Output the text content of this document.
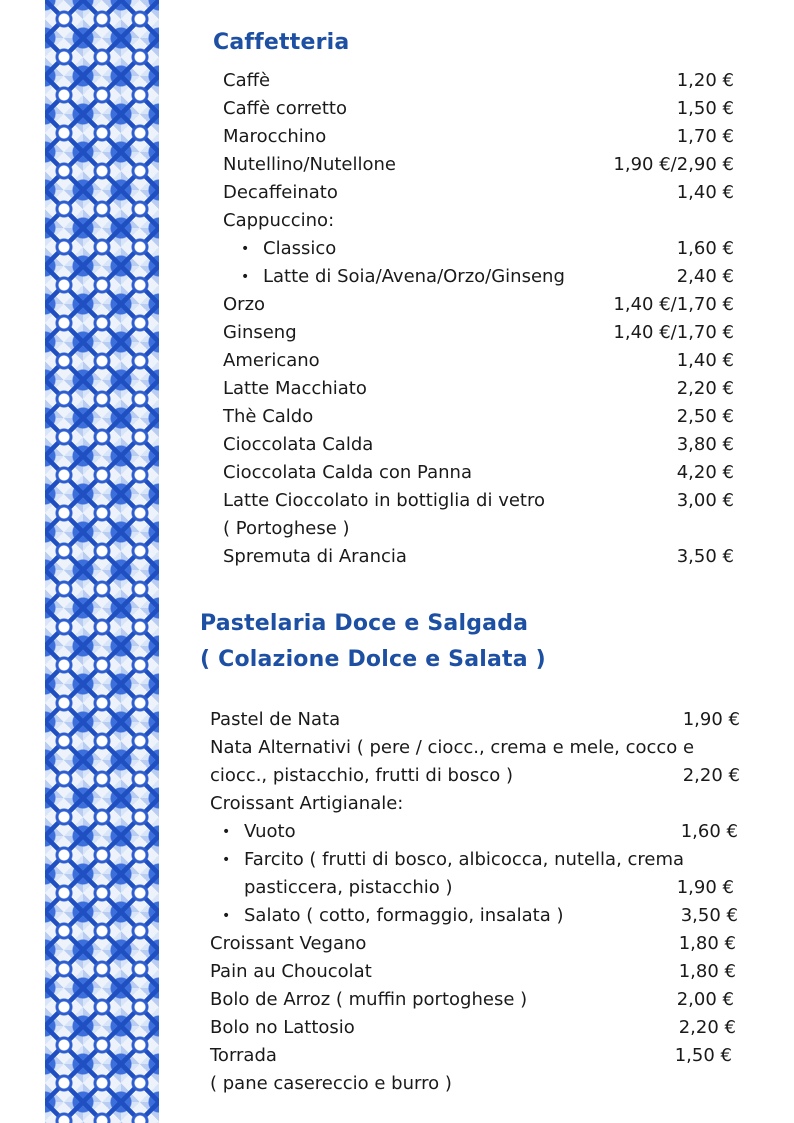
Caffetteria
Caffè	1,20 €
Caffè corretto	1,50 €
Marocchino	1,70 €
Nutellino/Nutellone	1,90 €/2,90 €
Decaffeinato	1,40 €
Cappuccino:
• Classico	1,60 €
• Latte di Soia/Avena/Orzo/Ginseng	2,40 €
Orzo	1,40 €/1,70 €
Ginseng	1,40 €/1,70 €
Americano	1,40 €
Latte Macchiato	2,20 €
Thè Caldo	2,50 €
Cioccolata Calda	3,80 €
Cioccolata Calda con Panna	4,20 €
Latte Cioccolato in bottiglia di vetro	3,00 €
( Portoghese )
Spremuta di Arancia	3,50 €
Pastelaria Doce e Salgada
( Colazione Dolce e Salata )
Pastel de Nata	1,90 €
Nata Alternativi ( pere / ciocc., crema e mele, cocco e
ciocc., pistacchio, frutti di bosco )	2,20 €
Croissant Artigianale:
• Vuoto	1,60 €
• Farcito ( frutti di bosco, albicocca, nutella, crema
pasticcera, pistacchio )	1,90 €
• Salato ( cotto, formaggio, insalata )	3,50 €
Croissant Vegano	1,80 €
Pain au Choucolat	1,80 €
Bolo de Arroz ( muffin portoghese )	2,00 €
Bolo no Lattosio	2,20 €
Torrada	1,50 €
( pane casereccio e burro )
